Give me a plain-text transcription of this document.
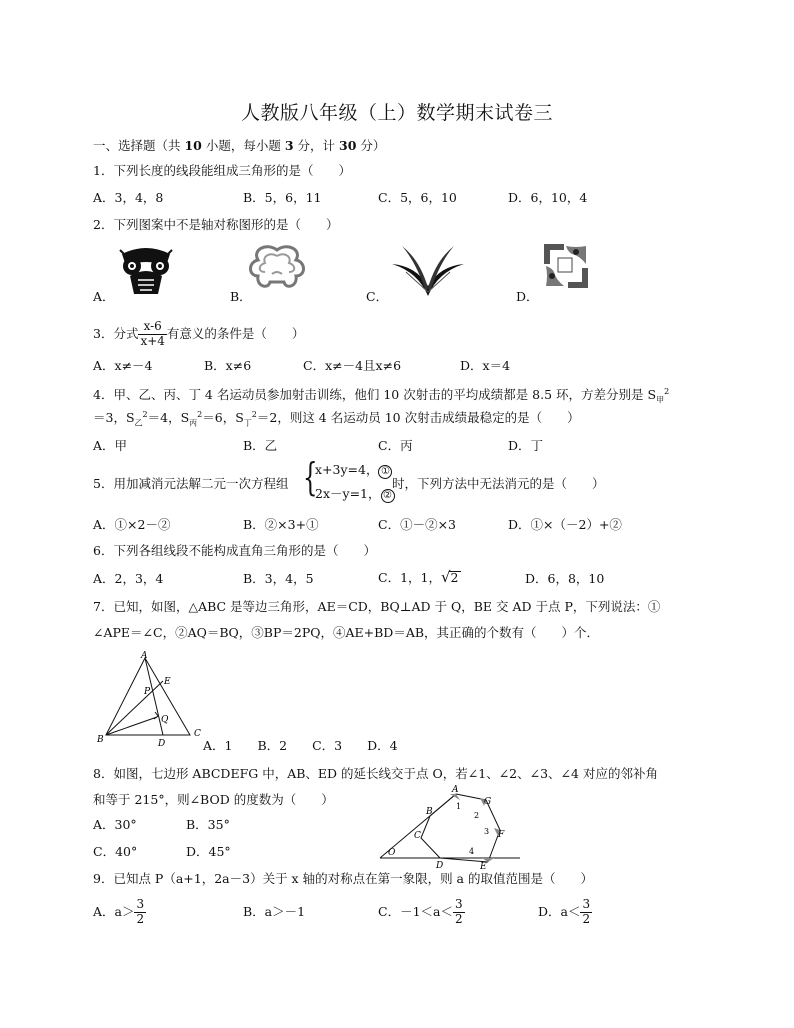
人教版八年级（上）数学期末试卷三
一、选择题（共 10 小题，每小题 3 分，计 30 分）
1．下列长度的线段能组成三角形的是（　　）
A．3，4，8	B．5，6，11	C．5，6，10	D．6，10，4
2．下列图案中不是轴对称图形的是（　　）
A．	B．	C．	D．
3．分式 $\frac{x-6}{x+4}$ 有意义的条件是（　　）
A．x≠－4	B．x≠6	C．x≠－4且x≠6	D．x＝4
4．甲、乙、丙、丁 4 名运动员参加射击训练，他们 10 次射击的平均成绩都是 8.5 环，方差分别是 $S_甲^2$
＝3，$S_乙^2=4$，$S_丙^2=6$，$S_丁^2=2$，则这 4 名运动员 10 次射击成绩最稳定的是（　　）
A．甲	B．乙	C．丙	D．丁
5．用加减消元法解二元一次方程组 {
x+3y=4， ①
2x－y=1， ②
时，下列方法中无法消元的是（　　）
A．①×2－②	B．②×3+①	C．①－②×3	D．①×（－2）+②
6．下列各组线段不能构成直角三角形的是（　　）
A．2，3，4	B．3，4，5	C．1，1，√2	D．6，8，10
7．已知，如图，△ABC 是等边三角形，AE＝CD，BQ⊥AD 于 Q，BE 交 AD 于点 P，下列说法：①
∠APE＝∠C，②AQ＝BQ，③BP＝2PQ，④AE+BD＝AB，其正确的个数有（　　）个．
A
E
P
Q
B	D
C
A．1　　B．2　　C．3　　D．4
8．如图，七边形 ABCDEFG 中，AB、ED 的延长线交于点 O，若∠1、∠2、∠3、∠4 对应的邻补角
和等于 215°，则∠BOD 的度数为（　　）
A．30°	B．35°
C．40°	D．45°
A
G
B
1
2
3 F
C
O
D
4
E
9．已知点 P（a+1，2a－3）关于 x 轴的对称点在第一象限，则 a 的取值范围是（　　）
A．$a> \frac{3}{2}$	B．a＞－1	C．$-1<a< \frac{3}{2}$	D．$a< \frac{3}{2}$
